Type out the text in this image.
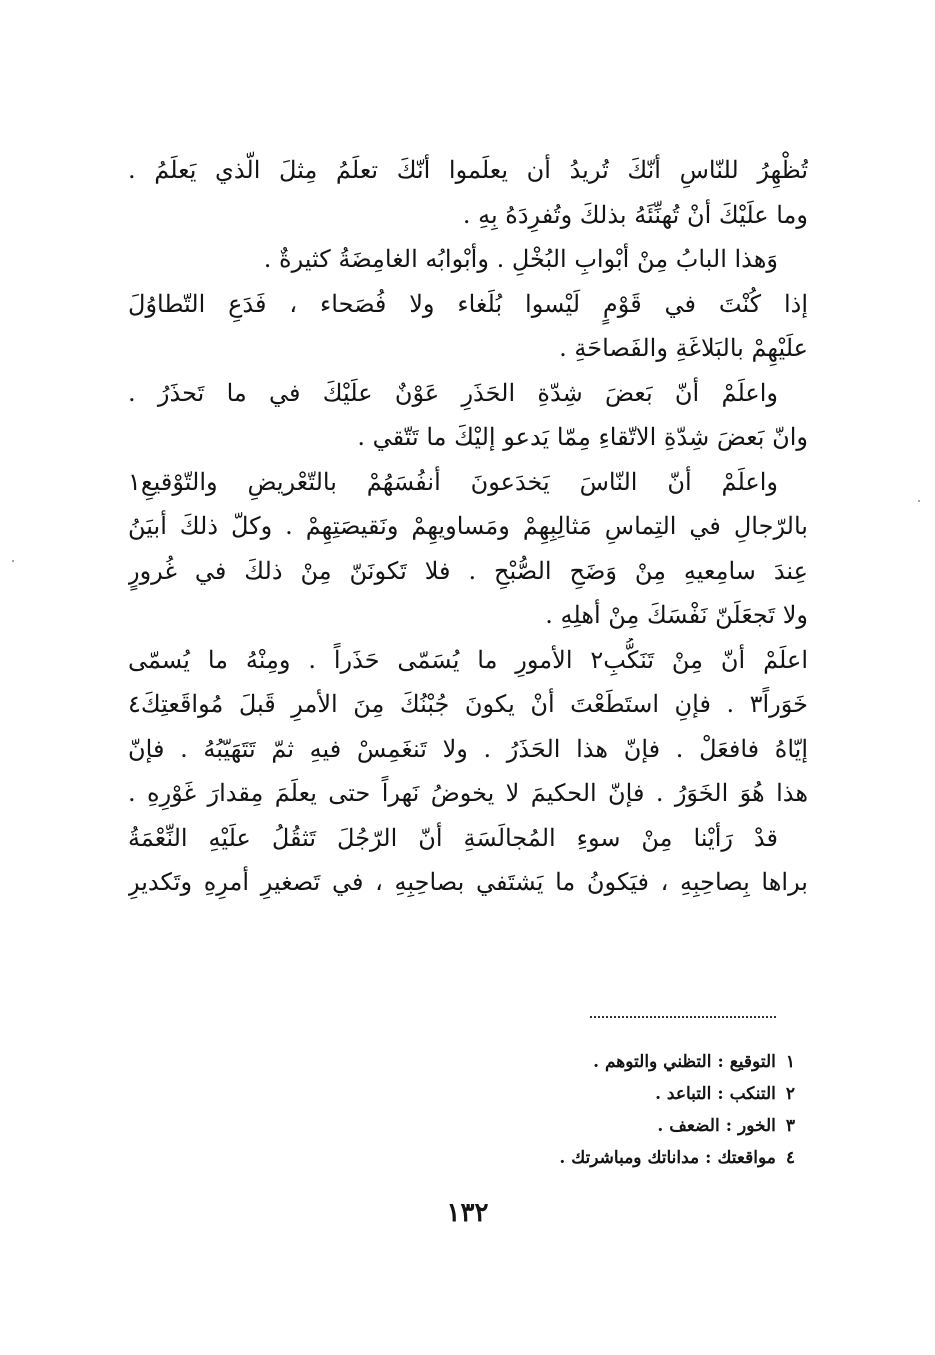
تُظْهِرُ للنّاسِ أنّكَ تُريدُ أن يعلَموا أنّكَ تعلَمُ مِثلَ الّذي يَعلَمُ .
وما علَيْكَ أنْ تُهنِّئَهُ بذلكَ وتُفرِدَهُ بِهِ .
وَهذا البابُ مِنْ أبْوابِ البُخْلِ . وأبْوابُه الغامِضَةُ كثيرةٌ .
إذا كُنْتَ في قَوْمٍ لَيْسوا بُلَغاء ولا فُصَحاء ، فَدَعِ التّطاوُلَ
علَيْهِمْ بالبَلاغَةِ والفَصاحَةِ .
واعلَمْ أنّ بَعضَ شِدّةِ الحَذَرِ عَوْنٌ علَيْكَ في ما تَحذَرُ .
وانّ بَعضَ شِدّةِ الاتّقاءِ مِمّا يَدعو إليْكَ ما تَتّقي .
واعلَمْ أنّ النّاسَ يَخدَعونَ أنفُسَهُمْ بالتّعْريضِ والتّوْقيعِ١
بالرّجالِ في التِماسِ مَثالِبِهِمْ ومَساويهِمْ ونَقيصَتِهِمْ . وكلّ ذلكَ أبيَنُ
عِندَ سامِعيهِ مِنْ وَضَحِ الصُّبْحِ . فلا تَكونَنّ مِنْ ذلكَ في غُرورٍ
ولا تَجعَلَنّ نَفْسَكَ مِنْ أهلِهِ .
اعلَمْ أنّ مِنْ تَنَكُّبِ٢ الأمورِ ما يُسَمّى حَذَراً . ومِنْهُ ما يُسمّى
خَوَراً٣ . فإنِ استَطَعْتَ أنْ يكونَ جُبْنُكَ مِنَ الأمرِ قَبلَ مُواقَعتِكَ٤
إيّاهُ فافعَلْ . فإنّ هذا الحَذَرُ . ولا تَنغَمِسْ فيهِ ثمّ تَتَهَيّبُهُ . فإنّ
هذا هُوَ الخَوَرُ . فإنّ الحكيمَ لا يخوضُ نَهراً حتى يعلَمَ مِقدارَ غَوْرِهِ .
قدْ رَأيْنا مِنْ سوءِ المُجالَسَةِ أنّ الرّجُلَ تَثقُلُ علَيْهِ النِّعْمَةُ
براها بِصاحِبِهِ ، فيَكونُ ما يَشتَفي بصاحِبِهِ ، في تَصغيرِ أمرِهِ وتَكديرِ
١التوقيع:التظني والتوهم .
٢التنكب:التباعد .
٣الخور:الضعف .
٤مواقعتك:مداناتك ومباشرتك .
١٣٢
